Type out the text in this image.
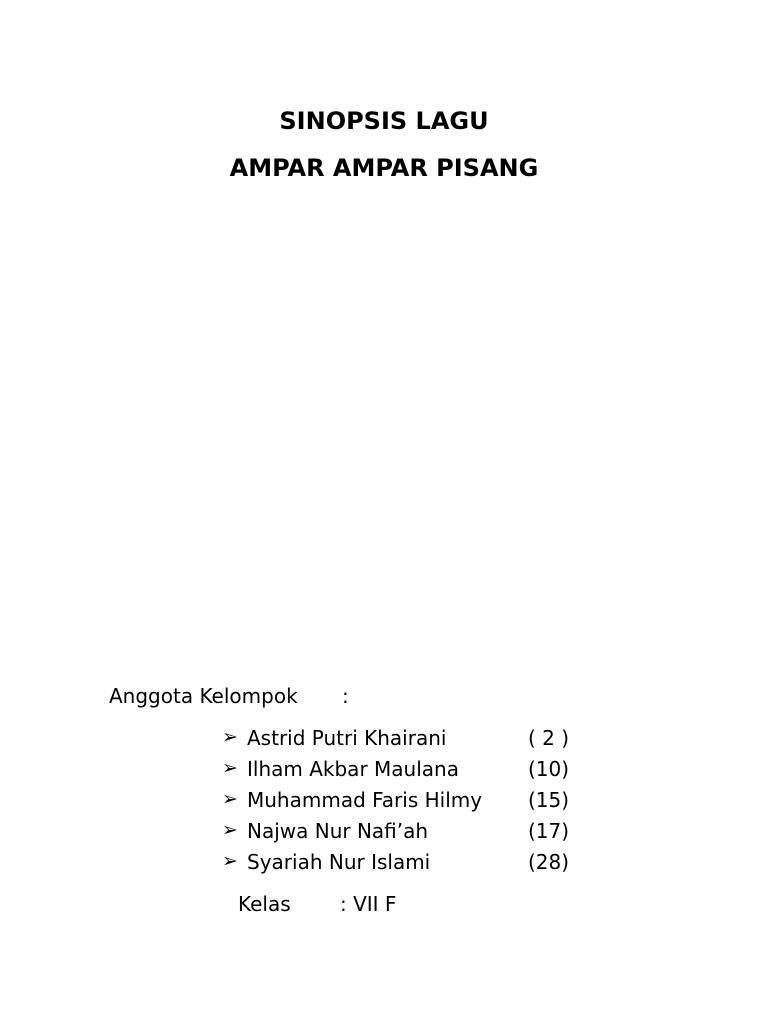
SINOPSIS LAGU
AMPAR AMPAR PISANG
Anggota Kelompok :
➢ Astrid Putri Khairani	( 2 )
➢ Ilham Akbar Maulana	(10)
➢ Muhammad Faris Hilmy (15)
➢ Najwa Nur Nafi’ah	(17)
➢ Syariah Nur Islami	(28)
Kelas : VII F
